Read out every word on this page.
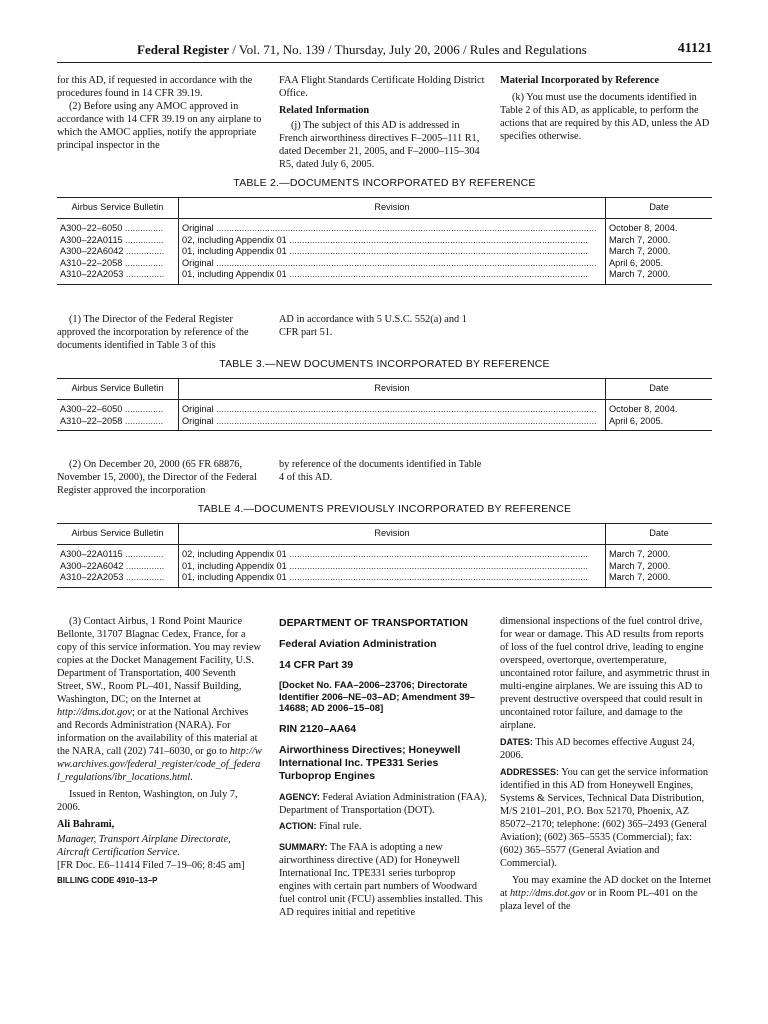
Federal Register / Vol. 71, No. 139 / Thursday, July 20, 2006 / Rules and Regulations	41121

for this AD, if requested in accordance with the procedures found in 14 CFR 39.19.

(2) Before using any AMOC approved in accordance with 14 CFR 39.19 on any airplane to which the AMOC applies, notify the appropriate principal inspector in the

FAA Flight Standards Certificate Holding District Office.

Related Information

(j) The subject of this AD is addressed in French airworthiness directives F–2005–111 R1, dated December 21, 2005, and F–2000–115–304 R5, dated July 6, 2005.

Material Incorporated by Reference

(k) You must use the documents identified in Table 2 of this AD, as applicable, to perform the actions that are required by this AD, unless the AD specifies otherwise.

TABLE 2.—DOCUMENTS INCORPORATED BY REFERENCE
Airbus Service Bulletin	Revision	Date
A300–22–6050 ...............	Original .....................................................................................................................................................	October 8, 2004.
A300–22A0115 ...............	02, including Appendix 01 .....................................................................................................................	March 7, 2000.
A300–22A6042 ...............	01, including Appendix 01 .....................................................................................................................	March 7, 2000.
A310–22–2058 ...............	Original .....................................................................................................................................................	April 6, 2005.
A310–22A2053 ...............	01, including Appendix 01 .....................................................................................................................	March 7, 2000.

(1) The Director of the Federal Register approved the incorporation by reference of the documents identified in Table 3 of this

AD in accordance with 5 U.S.C. 552(a) and 1 CFR part 51.

TABLE 3.—NEW DOCUMENTS INCORPORATED BY REFERENCE
Airbus Service Bulletin	Revision	Date
A300–22–6050 ...............	Original .....................................................................................................................................................	October 8, 2004.
A310–22–2058 ...............	Original .....................................................................................................................................................	April 6, 2005.

(2) On December 20, 2000 (65 FR 68876, November 15, 2000), the Director of the Federal Register approved the incorporation

by reference of the documents identified in Table 4 of this AD.

TABLE 4.—DOCUMENTS PREVIOUSLY INCORPORATED BY REFERENCE
Airbus Service Bulletin	Revision	Date
A300–22A0115 ...............	02, including Appendix 01 .....................................................................................................................	March 7, 2000.
A300–22A6042 ...............	01, including Appendix 01 .....................................................................................................................	March 7, 2000.
A310–22A2053 ...............	01, including Appendix 01 .....................................................................................................................	March 7, 2000.

(3) Contact Airbus, 1 Rond Point Maurice Bellonte, 31707 Blagnac Cedex, France, for a copy of this service information. You may review copies at the Docket Management Facility, U.S. Department of Transportation, 400 Seventh Street, SW., Room PL–401, Nassif Building, Washington, DC; on the Internet at http://dms.dot.gov; or at the National Archives and Records Administration (NARA). For information on the availability of this material at the NARA, call (202) 741–6030, or go to http://www.archives.gov/federal_register/code_of_federal_regulations/ibr_locations.html.

Issued in Renton, Washington, on July 7, 2006.

Ali Bahrami,

Manager, Transport Airplane Directorate, Aircraft Certification Service.

[FR Doc. E6–11414 Filed 7–19–06; 8:45 am]

BILLING CODE 4910–13–P

DEPARTMENT OF TRANSPORTATION
Federal Aviation Administration
14 CFR Part 39
[Docket No. FAA–2006–23706; Directorate Identifier 2006–NE–03–AD; Amendment 39–14688; AD 2006–15–08]
RIN 2120–AA64
Airworthiness Directives; Honeywell International Inc. TPE331 Series Turboprop Engines

AGENCY: Federal Aviation Administration (FAA), Department of Transportation (DOT).

ACTION: Final rule.

SUMMARY: The FAA is adopting a new airworthiness directive (AD) for Honeywell International Inc. TPE331 series turboprop engines with certain part numbers of Woodward fuel control unit (FCU) assemblies installed. This AD requires initial and repetitive

dimensional inspections of the fuel control drive, for wear or damage. This AD results from reports of loss of the fuel control drive, leading to engine overspeed, overtorque, overtemperature, uncontained rotor failure, and asymmetric thrust in multi-engine airplanes. We are issuing this AD to prevent destructive overspeed that could result in uncontained rotor failure, and damage to the airplane.

DATES: This AD becomes effective August 24, 2006.

ADDRESSES: You can get the service information identified in this AD from Honeywell Engines, Systems & Services, Technical Data Distribution, M/S 2101–201, P.O. Box 52170, Phoenix, AZ 85072–2170; telephone: (602) 365–2493 (General Aviation); (602) 365–5535 (Commercial); fax: (602) 365–5577 (General Aviation and Commercial).

You may examine the AD docket on the Internet at http://dms.dot.gov or in Room PL–401 on the plaza level of the
